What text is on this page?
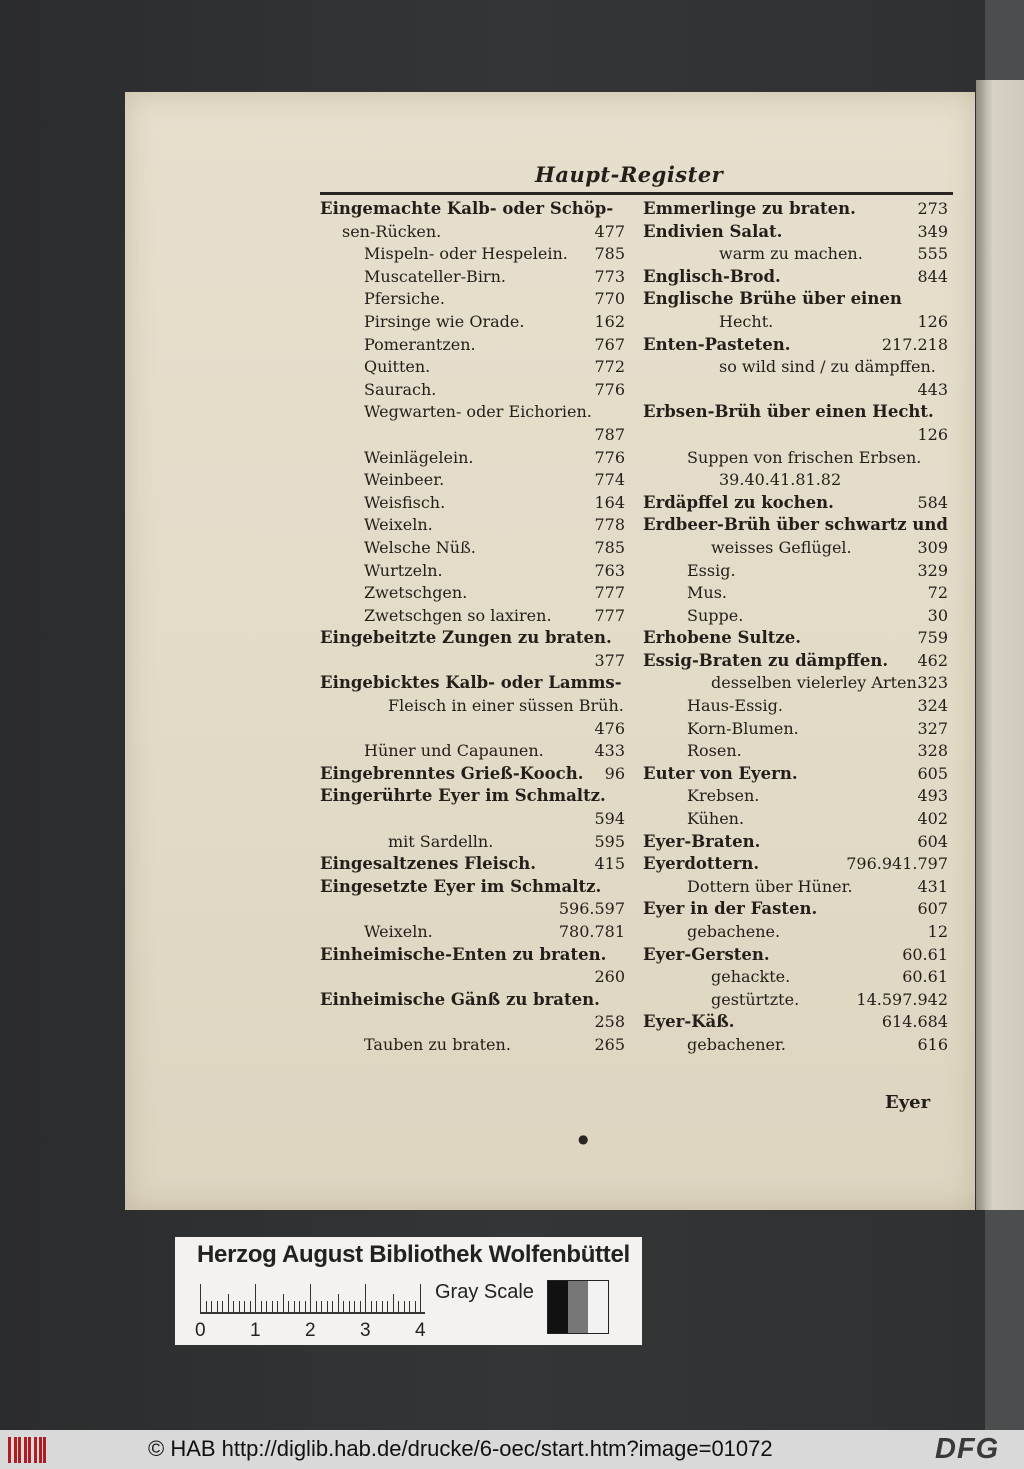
Haupt-Register
Eingemachte Kalb- oder Schöp-
sen-Rücken.	477
Mispeln- oder Hespelein. 785
Muscateller-Birn.	773
Pfersiche.	770
Pirsinge wie Orade.	162
Pomerantzen.	767
Quitten.	772
Saurach.	776
Wegwarten- oder Eichorien.
787
Weinlägelein.	776
Weinbeer.	774
Weisfisch.	164
Weixeln.	778
Welsche Nüß.	785
Wurtzeln.	763
Zwetschgen.	777
Zwetschgen so laxiren.	777
Eingebeitzte Zungen zu braten.
377
Eingebicktes Kalb- oder Lamms-
Fleisch in einer süssen Brüh.
476
Hüner und Capaunen.	433
Eingebrenntes Grieß-Kooch. 96
Eingerührte Eyer im Schmaltz.
594
mit Sardelln.	595
Eingesaltzenes Fleisch.	415
Eingesetzte Eyer im Schmaltz.
596.597
Weixeln.	780.781
Einheimische-Enten zu braten.
260
Einheimische Gänß zu braten.
258
Tauben zu braten.	265
Emmerlinge zu braten.	273
Endivien Salat.	349
warm zu machen.	555
Englisch-Brod.	844
Englische Brühe über einen
Hecht.	126
Enten-Pasteten.	217.218
so wild sind / zu dämpffen.
443
Erbsen-Brüh über einen Hecht.
126
Suppen von frischen Erbsen.
39.40.41.81.82
Erdäpffel zu kochen.	584
Erdbeer-Brüh über schwartz und
weisses Geflügel.	309
Essig.	329
Mus.	72
Suppe.	30
Erhobene Sultze.	759
Essig-Braten zu dämpffen. 462
desselben vielerley Arten.
323
Haus-Essig.	324
Korn-Blumen.	327
Rosen.	328
Euter von Eyern.	605
Krebsen.	493
Kühen.	402
Eyer-Braten.	604
Eyerdottern.	796.941.797
Dottern über Hüner.	431
Eyer in der Fasten.	607
gebachene.	12
Eyer-Gersten.	60.61
gehackte.	60.61
gestürtzte.	14.597.942
Eyer-Käß.	614.684
gebachener.	616
Eyer
●
Herzog August Bibliothek Wolfenbüttel
0 1 2 3 4
Gray Scale
© HAB http://diglib.hab.de/drucke/6-oec/start.htm?image=01072	DFG
